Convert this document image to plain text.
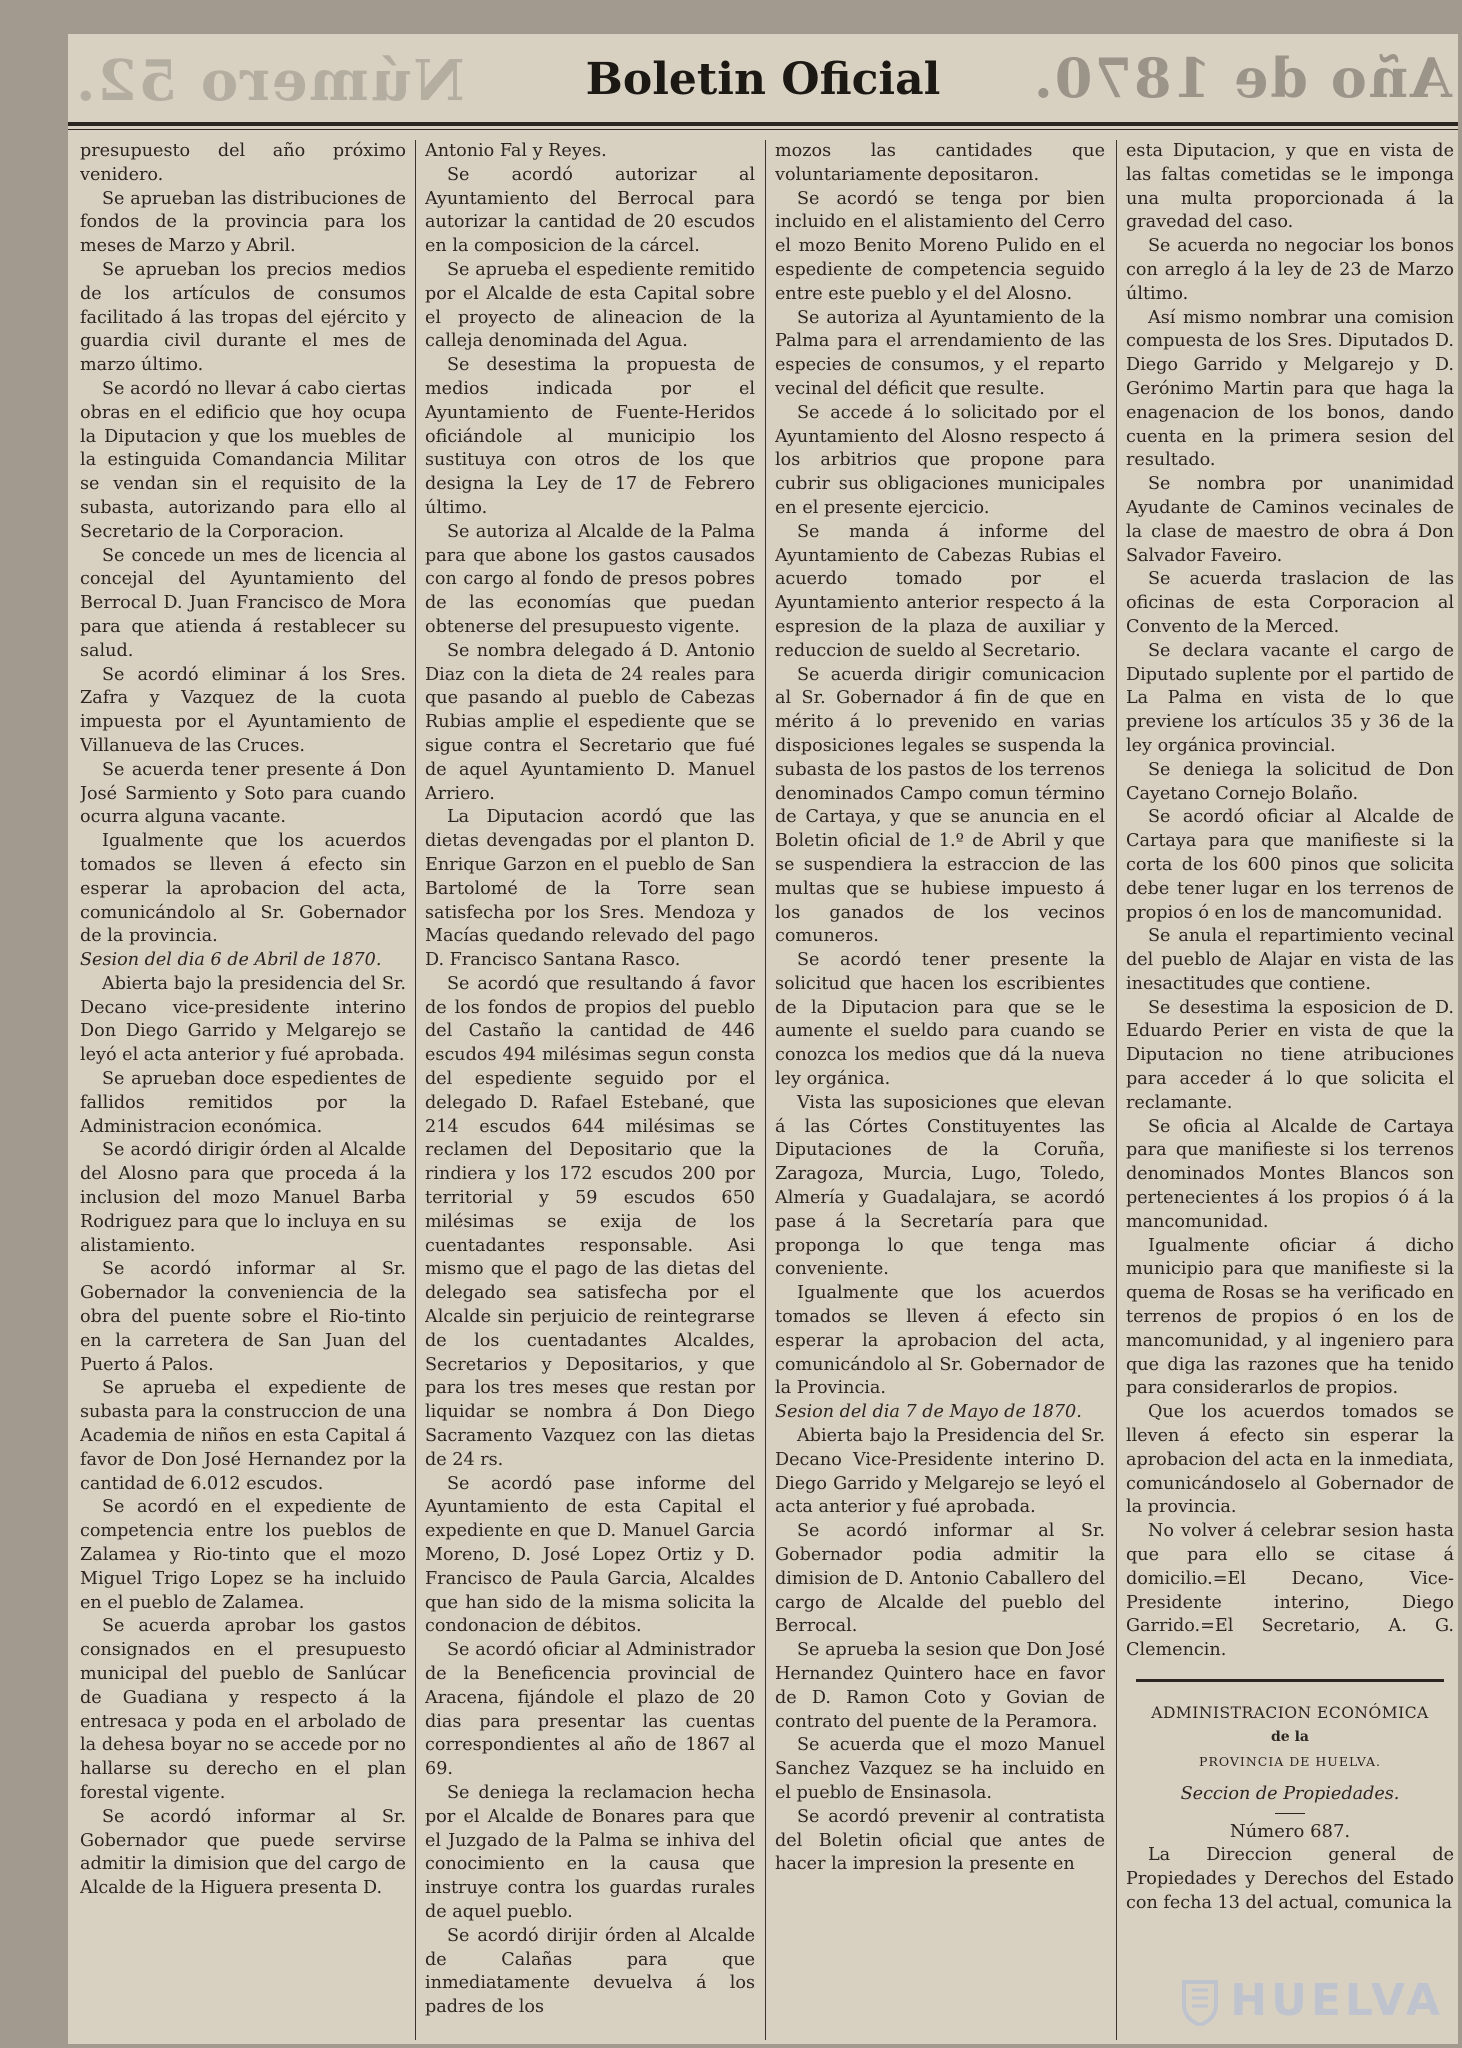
Número 52.	Boletin Oficial	Año de 1870.

presupuesto del año próximo venidero.

Se aprueban las distribuciones de fondos de la provincia para los meses de Marzo y Abril.

Se aprueban los precios medios de los artículos de consumos facilitado á las tropas del ejército y guardia civil durante el mes de marzo último.

Se acordó no llevar á cabo ciertas obras en el edificio que hoy ocupa la Diputacion y que los muebles de la estinguida Comandancia Militar se vendan sin el requisito de la subasta, autorizando para ello al Secretario de la Corporacion.

Se concede un mes de licencia al concejal del Ayuntamiento del Berrocal D. Juan Francisco de Mora para que atienda á restablecer su salud.

Se acordó eliminar á los Sres. Zafra y Vazquez de la cuota impuesta por el Ayuntamiento de Villanueva de las Cruces.

Se acuerda tener presente á Don José Sarmiento y Soto para cuando ocurra alguna vacante.

Igualmente que los acuerdos tomados se lleven á efecto sin esperar la aprobacion del acta, comunicándolo al Sr. Gobernador de la provincia.

Sesion del dia 6 de Abril de 1870.

Abierta bajo la presidencia del Sr. Decano vice-presidente interino Don Diego Garrido y Melgarejo se leyó el acta anterior y fué aprobada.

Se aprueban doce espedientes de fallidos remitidos por la Administracion económica.

Se acordó dirigir órden al Alcalde del Alosno para que proceda á la inclusion del mozo Manuel Barba Rodriguez para que lo incluya en su alistamiento.

Se acordó informar al Sr. Gobernador la conveniencia de la obra del puente sobre el Rio-tinto en la carretera de San Juan del Puerto á Palos.

Se aprueba el expediente de subasta para la construccion de una Academia de niños en esta Capital á favor de Don José Hernandez por la cantidad de 6.012 escudos.

Se acordó en el expediente de competencia entre los pueblos de Zalamea y Rio-tinto que el mozo Miguel Trigo Lopez se ha incluido en el pueblo de Zalamea.

Se acuerda aprobar los gastos consignados en el presupuesto municipal del pueblo de Sanlúcar de Guadiana y respecto á la entresaca y poda en el arbolado de la dehesa boyar no se accede por no hallarse su derecho en el plan forestal vigente.

Se acordó informar al Sr. Gobernador que puede servirse admitir la dimision que del cargo de Alcalde de la Higuera presenta D.

Antonio Fal y Reyes.

Se acordó autorizar al Ayuntamiento del Berrocal para autorizar la cantidad de 20 escudos en la composicion de la cárcel.

Se aprueba el espediente remitido por el Alcalde de esta Capital sobre el proyecto de alineacion de la calleja denominada del Agua.

Se desestima la propuesta de medios indicada por el Ayuntamiento de Fuente-Heridos oficiándole al municipio los sustituya con otros de los que designa la Ley de 17 de Febrero último.

Se autoriza al Alcalde de la Palma para que abone los gastos causados con cargo al fondo de presos pobres de las economías que puedan obtenerse del presupuesto vigente.

Se nombra delegado á D. Antonio Diaz con la dieta de 24 reales para que pasando al pueblo de Cabezas Rubias amplie el espediente que se sigue contra el Secretario que fué de aquel Ayuntamiento D. Manuel Arriero.

La Diputacion acordó que las dietas devengadas por el planton D. Enrique Garzon en el pueblo de San Bartolomé de la Torre sean satisfecha por los Sres. Mendoza y Macías quedando relevado del pago D. Francisco Santana Rasco.

Se acordó que resultando á favor de los fondos de propios del pueblo del Castaño la cantidad de 446 escudos 494 milésimas segun consta del espediente seguido por el delegado D. Rafael Estebané, que 214 escudos 644 milésimas se reclamen del Depositario que la rindiera y los 172 escudos 200 por territorial y 59 escudos 650 milésimas se exija de los cuentadantes responsable. Asi mismo que el pago de las dietas del delegado sea satisfecha por el Alcalde sin perjuicio de reintegrarse de los cuentadantes Alcaldes, Secretarios y Depositarios, y que para los tres meses que restan por liquidar se nombra á Don Diego Sacramento Vazquez con las dietas de 24 rs.

Se acordó pase informe del Ayuntamiento de esta Capital el expediente en que D. Manuel Garcia Moreno, D. José Lopez Ortiz y D. Francisco de Paula Garcia, Alcaldes que han sido de la misma solicita la condonacion de débitos.

Se acordó oficiar al Administrador de la Beneficencia provincial de Aracena, fijándole el plazo de 20 dias para presentar las cuentas correspondientes al año de 1867 al 69.

Se deniega la reclamacion hecha por el Alcalde de Bonares para que el Juzgado de la Palma se inhiva del conocimiento en la causa que instruye contra los guardas rurales de aquel pueblo.

Se acordó dirijir órden al Alcalde de Calañas para que inmediatamente devuelva á los padres de los

mozos las cantidades que voluntariamente depositaron.

Se acordó se tenga por bien incluido en el alistamiento del Cerro el mozo Benito Moreno Pulido en el espediente de competencia seguido entre este pueblo y el del Alosno.

Se autoriza al Ayuntamiento de la Palma para el arrendamiento de las especies de consumos, y el reparto vecinal del déficit que resulte.

Se accede á lo solicitado por el Ayuntamiento del Alosno respecto á los arbitrios que propone para cubrir sus obligaciones municipales en el presente ejercicio.

Se manda á informe del Ayuntamiento de Cabezas Rubias el acuerdo tomado por el Ayuntamiento anterior respecto á la espresion de la plaza de auxiliar y reduccion de sueldo al Secretario.

Se acuerda dirigir comunicacion al Sr. Gobernador á fin de que en mérito á lo prevenido en varias disposiciones legales se suspenda la subasta de los pastos de los terrenos denominados Campo comun término de Cartaya, y que se anuncia en el Boletin oficial de 1.º de Abril y que se suspendiera la estraccion de las multas que se hubiese impuesto á los ganados de los vecinos comuneros.

Se acordó tener presente la solicitud que hacen los escribientes de la Diputacion para que se le aumente el sueldo para cuando se conozca los medios que dá la nueva ley orgánica.

Vista las suposiciones que elevan á las Córtes Constituyentes las Diputaciones de la Coruña, Zaragoza, Murcia, Lugo, Toledo, Almería y Guadalajara, se acordó pase á la Secretaría para que proponga lo que tenga mas conveniente.

Igualmente que los acuerdos tomados se lleven á efecto sin esperar la aprobacion del acta, comunicándolo al Sr. Gobernador de la Provincia.

Sesion del dia 7 de Mayo de 1870.

Abierta bajo la Presidencia del Sr. Decano Vice-Presidente interino D. Diego Garrido y Melgarejo se leyó el acta anterior y fué aprobada.

Se acordó informar al Sr. Gobernador podia admitir la dimision de D. Antonio Caballero del cargo de Alcalde del pueblo del Berrocal.

Se aprueba la sesion que Don José Hernandez Quintero hace en favor de D. Ramon Coto y Govian de contrato del puente de la Peramora.

Se acuerda que el mozo Manuel Sanchez Vazquez se ha incluido en el pueblo de Ensinasola.

Se acordó prevenir al contratista del Boletin oficial que antes de hacer la impresion la presente en

esta Diputacion, y que en vista de las faltas cometidas se le imponga una multa proporcionada á la gravedad del caso.

Se acuerda no negociar los bonos con arreglo á la ley de 23 de Marzo último.

Así mismo nombrar una comision compuesta de los Sres. Diputados D. Diego Garrido y Melgarejo y D. Gerónimo Martin para que haga la enagenacion de los bonos, dando cuenta en la primera sesion del resultado.

Se nombra por unanimidad Ayudante de Caminos vecinales de la clase de maestro de obra á Don Salvador Faveiro.

Se acuerda traslacion de las oficinas de esta Corporacion al Convento de la Merced.

Se declara vacante el cargo de Diputado suplente por el partido de La Palma en vista de lo que previene los artículos 35 y 36 de la ley orgánica provincial.

Se deniega la solicitud de Don Cayetano Cornejo Bolaño.

Se acordó oficiar al Alcalde de Cartaya para que manifieste si la corta de los 600 pinos que solicita debe tener lugar en los terrenos de propios ó en los de mancomunidad.

Se anula el repartimiento vecinal del pueblo de Alajar en vista de las inesactitudes que contiene.

Se desestima la esposicion de D. Eduardo Perier en vista de que la Diputacion no tiene atribuciones para acceder á lo que solicita el reclamante.

Se oficia al Alcalde de Cartaya para que manifieste si los terrenos denominados Montes Blancos son pertenecientes á los propios ó á la mancomunidad.

Igualmente oficiar á dicho municipio para que manifieste si la quema de Rosas se ha verificado en terrenos de propios ó en los de mancomunidad, y al ingeniero para que diga las razones que ha tenido para considerarlos de propios.

Que los acuerdos tomados se lleven á efecto sin esperar la aprobacion del acta en la inmediata, comunicándoselo al Gobernador de la provincia.

No volver á celebrar sesion hasta que para ello se citase á domicilio.=El Decano, Vice-Presidente interino, Diego Garrido.=El Secretario, A. G. Clemencin.

ADMINISTRACION ECONÓMICA

de la

PROVINCIA DE HUELVA.

Seccion de Propiedades.

Número 687.

La Direccion general de Propiedades y Derechos del Estado con fecha 13 del actual, comunica la

HUELVA
